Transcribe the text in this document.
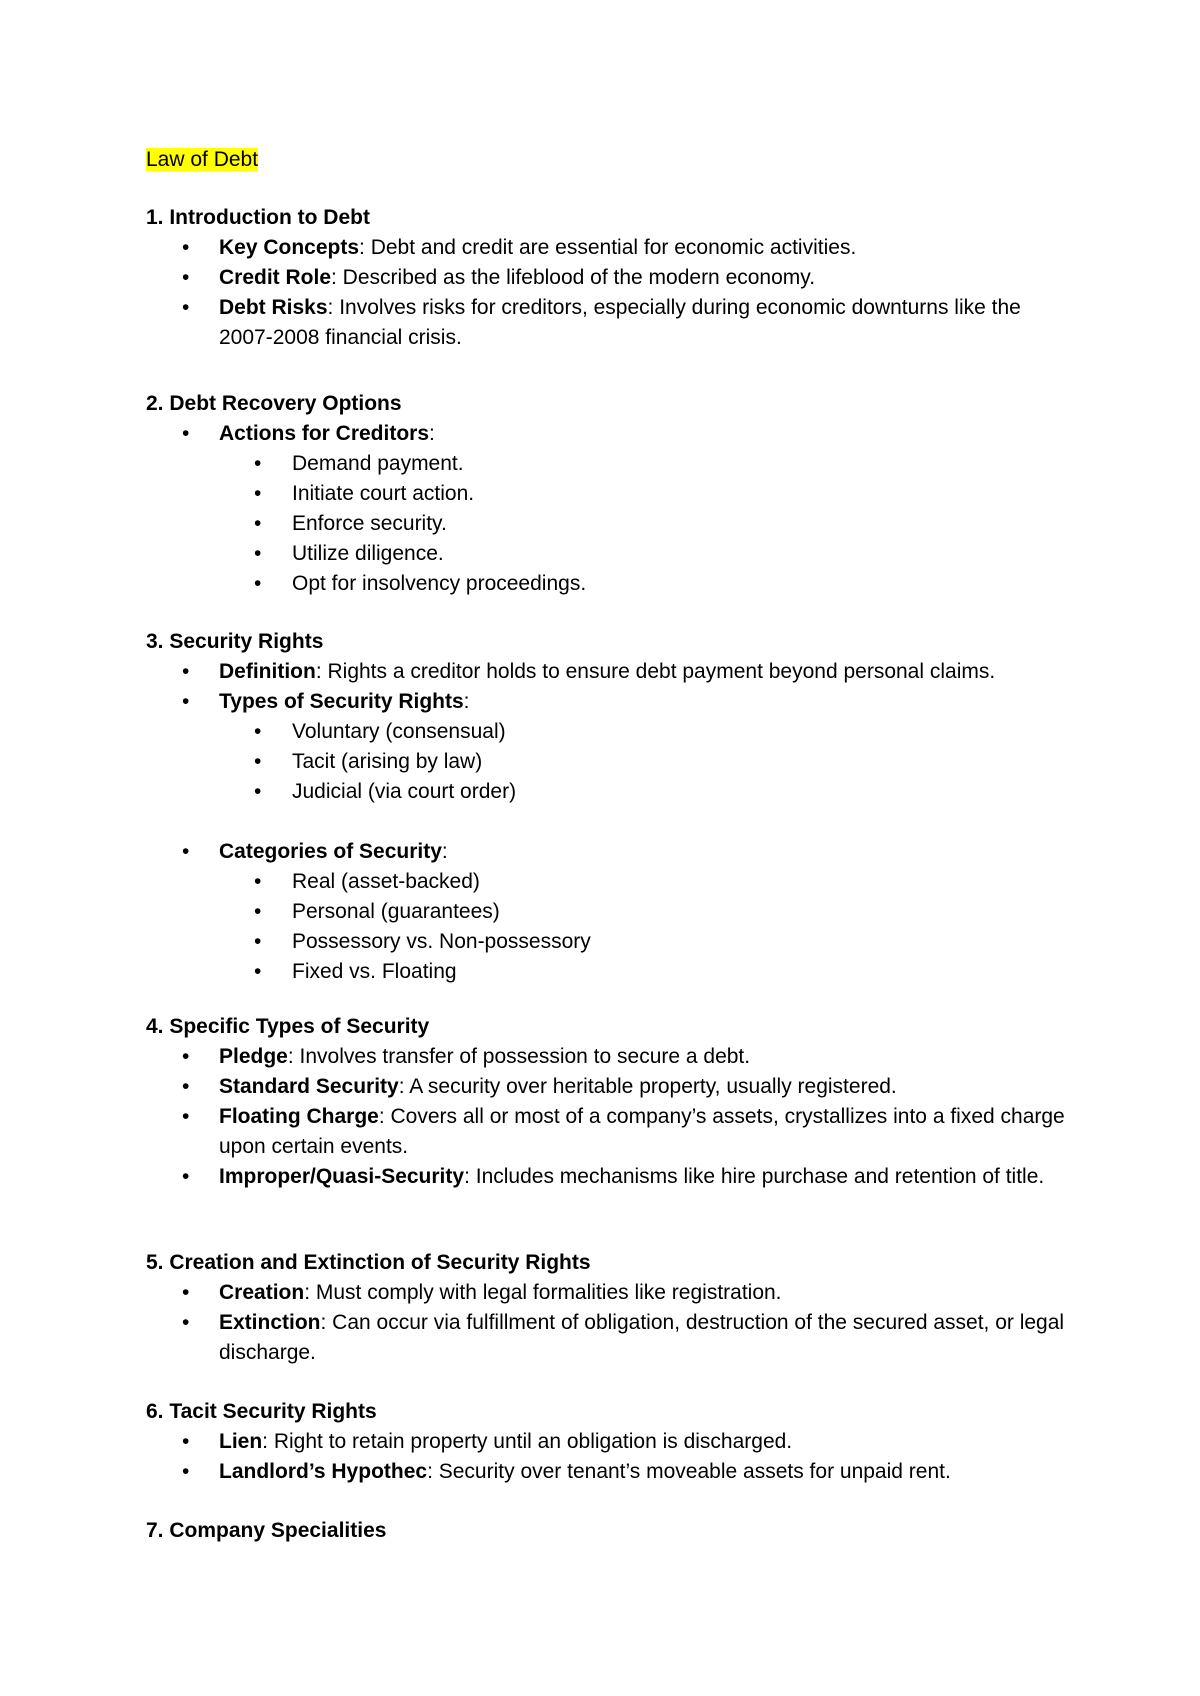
Law of Debt

1. Introduction to Debt

• Key Concepts: Debt and credit are essential for economic activities.
• Credit Role: Described as the lifeblood of the modern economy.
• Debt Risks: Involves risks for creditors, especially during economic downturns like the 2007-2008 financial crisis.

2. Debt Recovery Options

• Actions for Creditors:
• Demand payment.
• Initiate court action.
• Enforce security.
• Utilize diligence.
• Opt for insolvency proceedings.

3. Security Rights

• Definition: Rights a creditor holds to ensure debt payment beyond personal claims.
• Types of Security Rights:
• Voluntary (consensual)
• Tacit (arising by law)
• Judicial (via court order)
• Categories of Security:
• Real (asset-backed)
• Personal (guarantees)
• Possessory vs. Non-possessory
• Fixed vs. Floating

4. Specific Types of Security

• Pledge: Involves transfer of possession to secure a debt.
• Standard Security: A security over heritable property, usually registered.
• Floating Charge: Covers all or most of a company’s assets, crystallizes into a fixed charge upon certain events.
• Improper/Quasi-Security: Includes mechanisms like hire purchase and retention of title.

5. Creation and Extinction of Security Rights

• Creation: Must comply with legal formalities like registration.
• Extinction: Can occur via fulfillment of obligation, destruction of the secured asset, or legal discharge.

6. Tacit Security Rights

• Lien: Right to retain property until an obligation is discharged.
• Landlord’s Hypothec: Security over tenant’s moveable assets for unpaid rent.

7. Company Specialities
